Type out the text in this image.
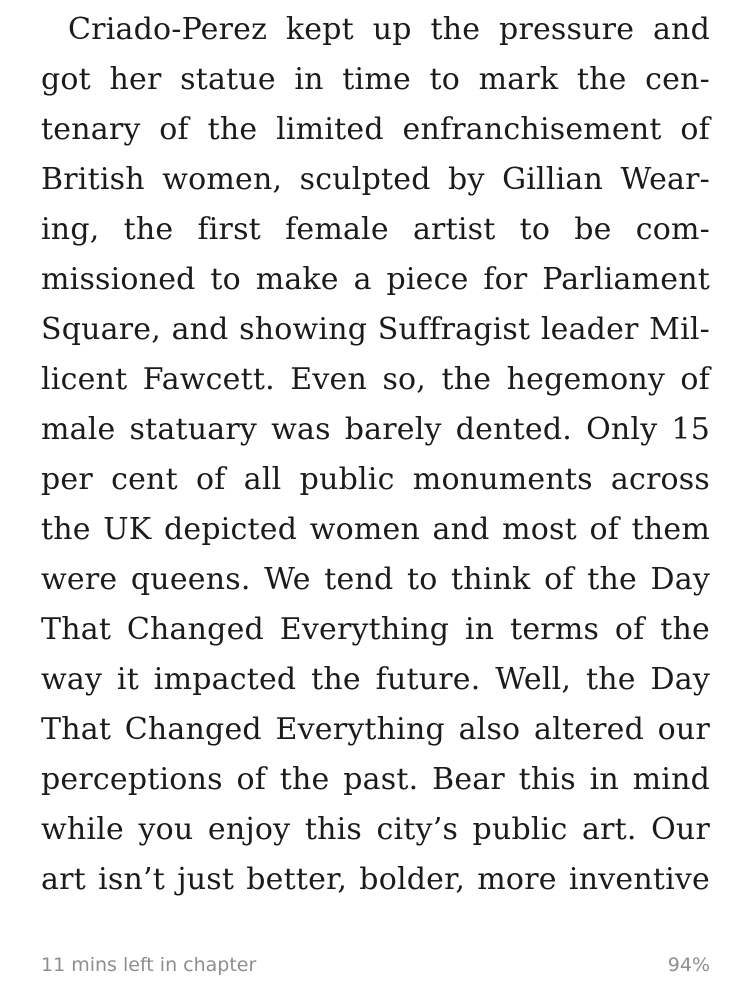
Criado-Perez kept up the pressure and
got her statue in time to mark the cen-
tenary of the limited enfranchisement of
British women, sculpted by Gillian Wear-
ing, the first female artist to be com-
missioned to make a piece for Parliament
Square, and showing Suffragist leader Mil-
licent Fawcett. Even so, the hegemony of
male statuary was barely dented. Only 15
per cent of all public monuments across
the UK depicted women and most of them
were queens. We tend to think of the Day
That Changed Everything in terms of the
way it impacted the future. Well, the Day
That Changed Everything also altered our
perceptions of the past. Bear this in mind
while you enjoy this city’s public art. Our
art isn’t just better, bolder, more inventive
11 mins left in chapter	94%
